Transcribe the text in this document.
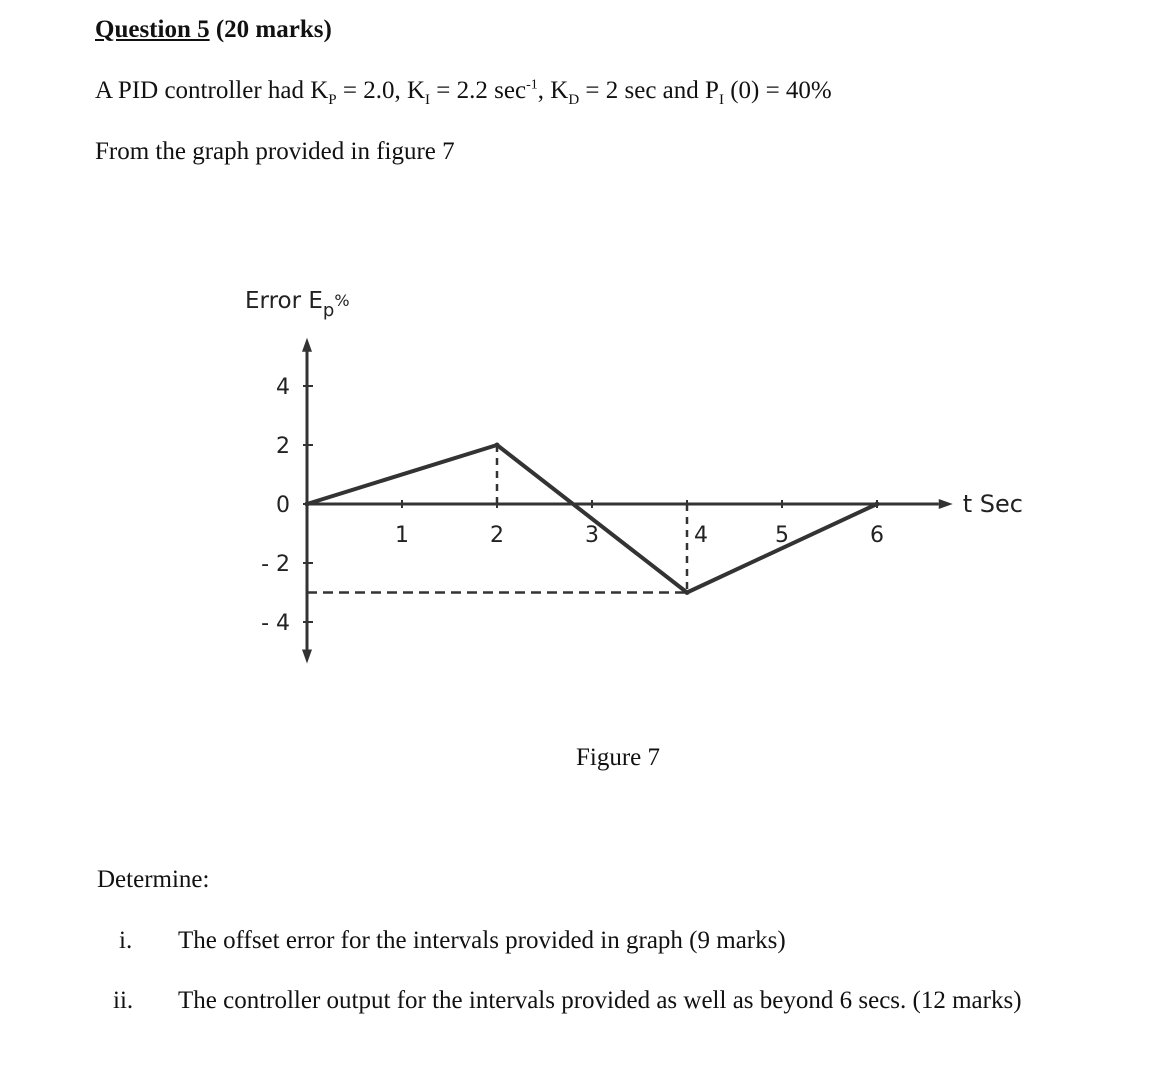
Question 5 (20 marks)
A PID controller had $K_P = 2.0$, $K_I = 2.2$ $\sec^{-1}$, $K_D = 2$ sec and $P_I$ (0) = 40%
From the graph provided in figure 7
Error $E_p^{\%}$
4
2
0
- 2
- 4
1	2	3	4	5	6
t Sec
Figure 7
Determine:
i. The offset error for the intervals provided in graph (9 marks)
ii. The controller output for the intervals provided as well as beyond 6 secs. (12 marks)
